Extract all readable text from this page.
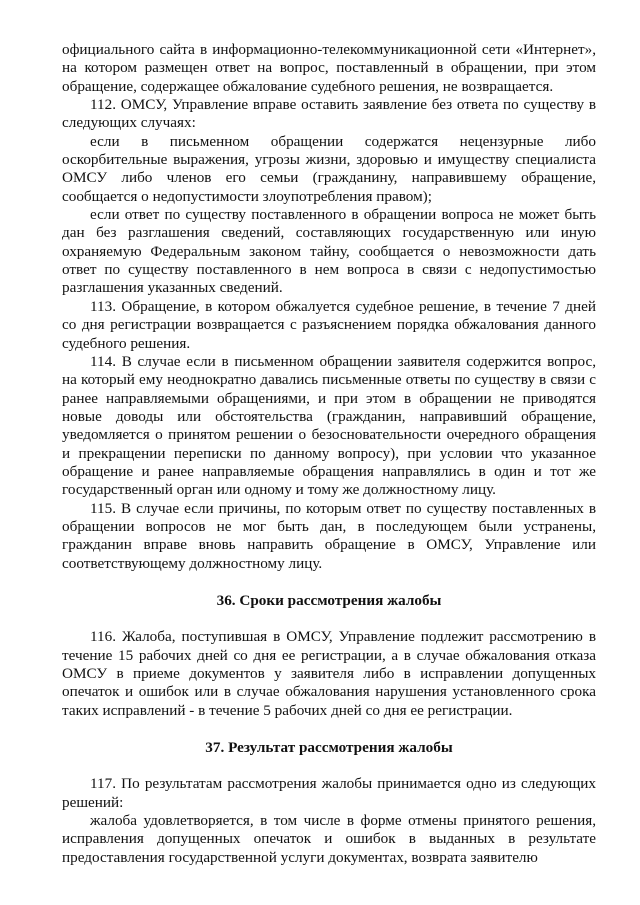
официального сайта в информационно-телекоммуникационной сети «Интернет», на котором размещен ответ на вопрос, поставленный в обращении, при этом обращение, содержащее обжалование судебного решения, не возвращается.

112. ОМСУ, Управление вправе оставить заявление без ответа по существу в следующих случаях:

если в письменном обращении содержатся нецензурные либо оскорбительные выражения, угрозы жизни, здоровью и имуществу специалиста ОМСУ либо членов его семьи (гражданину, направившему обращение, сообщается о недопустимости злоупотребления правом);

если ответ по существу поставленного в обращении вопроса не может быть дан без разглашения сведений, составляющих государственную или иную охраняемую Федеральным законом тайну, сообщается о невозможности дать ответ по существу поставленного в нем вопроса в связи с недопустимостью разглашения указанных сведений.

113. Обращение, в котором обжалуется судебное решение, в течение 7 дней со дня регистрации возвращается с разъяснением порядка обжалования данного судебного решения.

114. В случае если в письменном обращении заявителя содержится вопрос, на который ему неоднократно давались письменные ответы по существу в связи с ранее направляемыми обращениями, и при этом в обращении не приводятся новые доводы или обстоятельства (гражданин, направивший обращение, уведомляется о принятом решении о безосновательности очередного обращения и прекращении переписки по данному вопросу), при условии что указанное обращение и ранее направляемые обращения направлялись в один и тот же государственный орган или одному и тому же должностному лицу.

115. В случае если причины, по которым ответ по существу поставленных в обращении вопросов не мог быть дан, в последующем были устранены, гражданин вправе вновь направить обращение в ОМСУ, Управление или соответствующему должностному лицу.

36. Сроки рассмотрения жалобы

116. Жалоба, поступившая в ОМСУ, Управление подлежит рассмотрению в течение 15 рабочих дней со дня ее регистрации, а в случае обжалования отказа ОМСУ в приеме документов у заявителя либо в исправлении допущенных опечаток и ошибок или в случае обжалования нарушения установленного срока таких исправлений - в течение 5 рабочих дней со дня ее регистрации.

37. Результат рассмотрения жалобы

117. По результатам рассмотрения жалобы принимается одно из следующих решений:

жалоба удовлетворяется, в том числе в форме отмены принятого решения, исправления допущенных опечаток и ошибок в выданных в результате предоставления государственной услуги документах, возврата заявителю
